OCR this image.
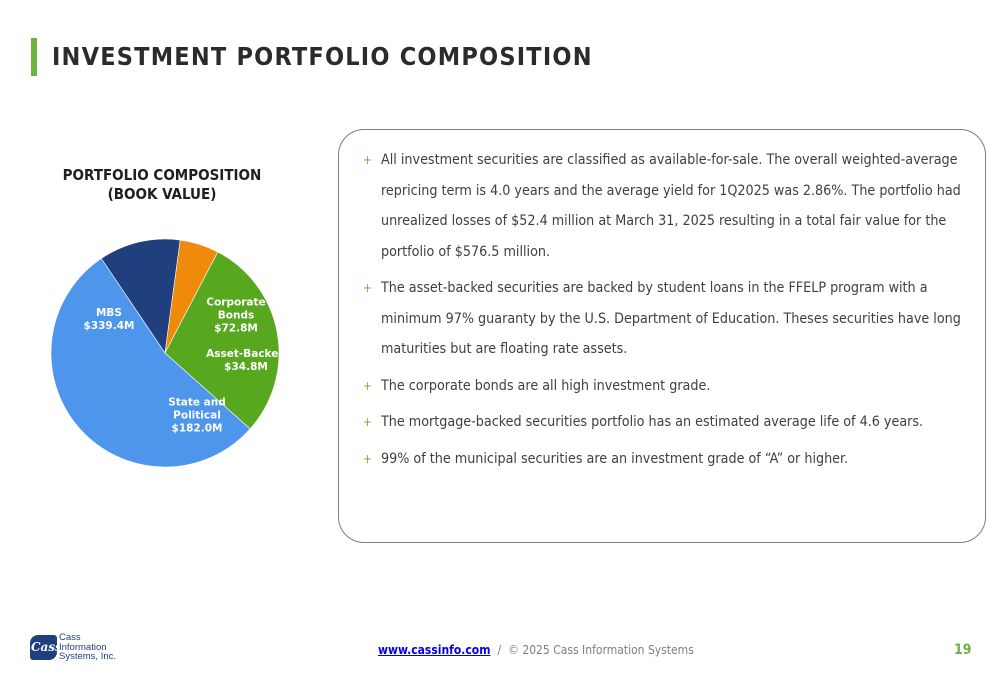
INVESTMENT PORTFOLIO COMPOSITION
PORTFOLIO COMPOSITION
(BOOK VALUE)
Corporate Bonds $72.8M
Asset-Backed $34.8M
State and Political $182.0M
MBS $339.4M
+ All investment securities are classified as available-for-sale. The overall weighted-average repricing term is 4.0 years and the average yield for 1Q2025 was 2.86%. The portfolio had unrealized losses of $52.4 million at March 31, 2025 resulting in a total fair value for the portfolio of $576.5 million.
+ The asset-backed securities are backed by student loans in the FFELP program with a minimum 97% guaranty by the U.S. Department of Education. Theses securities have long maturities but are floating rate assets.
+ The corporate bonds are all high investment grade.
+ The mortgage-backed securities portfolio has an estimated average life of 4.6 years.
+ 99% of the municipal securities are an investment grade of “A” or higher.
Cass
Cass
Information
Systems, Inc.	www.cassinfo.com / © 2025 Cass Information Systems	19
